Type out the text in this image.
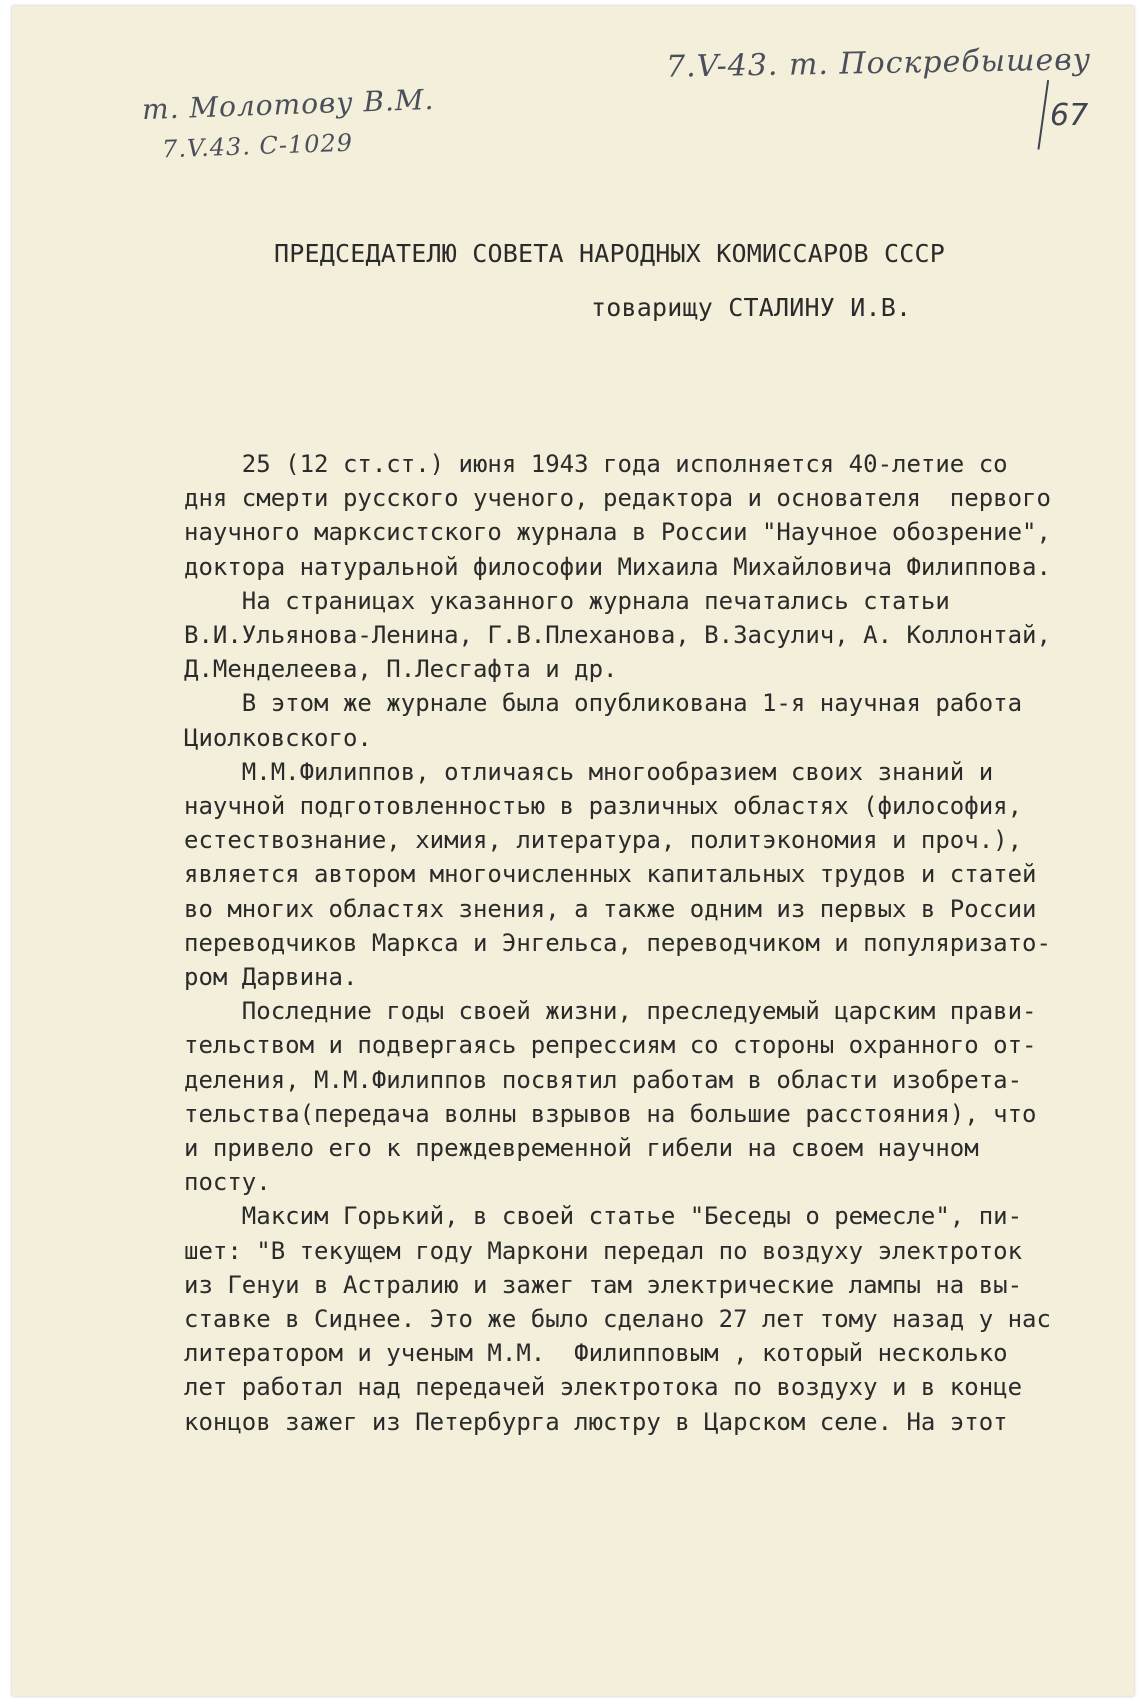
т. Молотову В.М.
7.V.43. С-1029
7.V-43. т. Поскребышеву
67
ПРЕДСЕДАТЕЛЮ СОВЕТА НАРОДНЫХ КОМИССАРОВ СССР
товарищу СТАЛИНУ И.В.
25 (12 ст.ст.) июня 1943 года исполняется 40-летие со
дня смерти русского ученого, редактора и основателя  первого
научного марксистского журнала в России "Научное обозрение",
доктора натуральной философии Михаила Михайловича Филиппова.
На страницах указанного журнала печатались статьи
В.И.Ульянова-Ленина, Г.В.Плеханова, В.Засулич, А. Коллонтай,
Д.Менделеева, П.Лесгафта и др.
В этом же журнале была опубликована 1-я научная работа
Циолковского.
М.М.Филиппов, отличаясь многообразием своих знаний и
научной подготовленностью в различных областях (философия,
естествознание, химия, литература, политэкономия и проч.),
является автором многочисленных капитальных трудов и статей
во многих областях знения, а также одним из первых в России
переводчиков Маркса и Энгельса, переводчиком и популяризато-
ром Дарвина.
Последние годы своей жизни, преследуемый царским прави-
тельством и подвергаясь репрессиям со стороны охранного от-
деления, М.М.Филиппов посвятил работам в области изобрета-
тельства(передача волны взрывов на большие расстояния), что
и привело его к преждевременной гибели на своем научном
посту.
Максим Горький, в своей статье "Беседы о ремесле", пи-
шет: "В текущем году Маркони передал по воздуху электроток
из Генуи в Астралию и зажег там электрические лампы на вы-
ставке в Сиднее. Это же было сделано 27 лет тому назад у нас
литератором и ученым М.М.  Филипповым , который несколько
лет работал над передачей электротока по воздуху и в конце
концов зажег из Петербурга люстру в Царском селе. На этот
